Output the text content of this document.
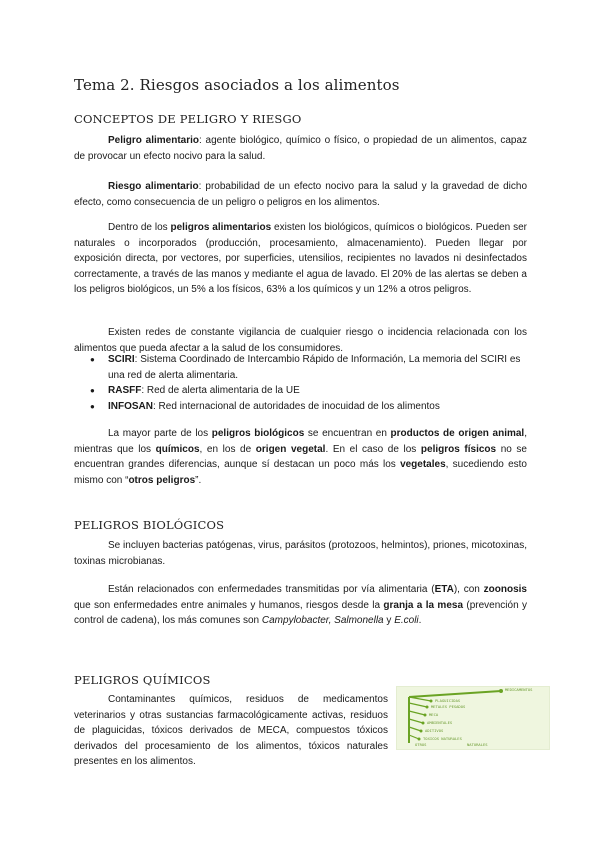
Tema 2. Riesgos asociados a los alimentos
CONCEPTOS DE PELIGRO Y RIESGO
Peligro alimentario: agente biológico, químico o físico, o propiedad de un alimentos, capaz de provocar un efecto nocivo para la salud.
Riesgo alimentario: probabilidad de un efecto nocivo para la salud y la gravedad de dicho efecto, como consecuencia de un peligro o peligros en los alimentos.
Dentro de los peligros alimentarios existen los biológicos, químicos o biológicos. Pueden ser naturales o incorporados (producción, procesamiento, almacenamiento). Pueden llegar por exposición directa, por vectores, por superficies, utensilios, recipientes no lavados ni desinfectados correctamente, a través de las manos y mediante el agua de lavado. El 20% de las alertas se deben a los peligros biológicos, un 5% a los físicos, 63% a los químicos y un 12% a otros peligros.
Existen redes de constante vigilancia de cualquier riesgo o incidencia relacionada con los alimentos que pueda afectar a la salud de los consumidores.
● SCIRI: Sistema Coordinado de Intercambio Rápido de Información, La memoria del SCIRI es una red de alerta alimentaria.
● RASFF: Red de alerta alimentaria de la UE
● INFOSAN: Red internacional de autoridades de inocuidad de los alimentos
La mayor parte de los peligros biológicos se encuentran en productos de origen animal, mientras que los químicos, en los de origen vegetal. En el caso de los peligros físicos no se encuentran grandes diferencias, aunque sí destacan un poco más los vegetales, sucediendo esto mismo con “otros peligros”.
PELIGROS BIOLÓGICOS
Se incluyen bacterias patógenas, virus, parásitos (protozoos, helmintos), priones, micotoxinas, toxinas microbianas.
Están relacionados con enfermedades transmitidas por vía alimentaria (ETA), con zoonosis que son enfermedades entre animales y humanos, riesgos desde la granja a la mesa (prevención y control de cadena), los más comunes son Campylobacter, Salmonella y E.coli.
PELIGROS QUÍMICOS
Contaminantes químicos, residuos de medicamentos veterinarios y otras sustancias farmacológicamente activas, residuos de plaguicidas, tóxicos derivados de MECA, compuestos tóxicos derivados del procesamiento de los alimentos, tóxicos naturales presentes en los alimentos.
MEDICAMENTOS
PLAGUICIDAS
METALES PESADOS
MECA
AMBIENTALES
ADITIVOS
TOXICOS NATURALES
OTROS	NATURALES
